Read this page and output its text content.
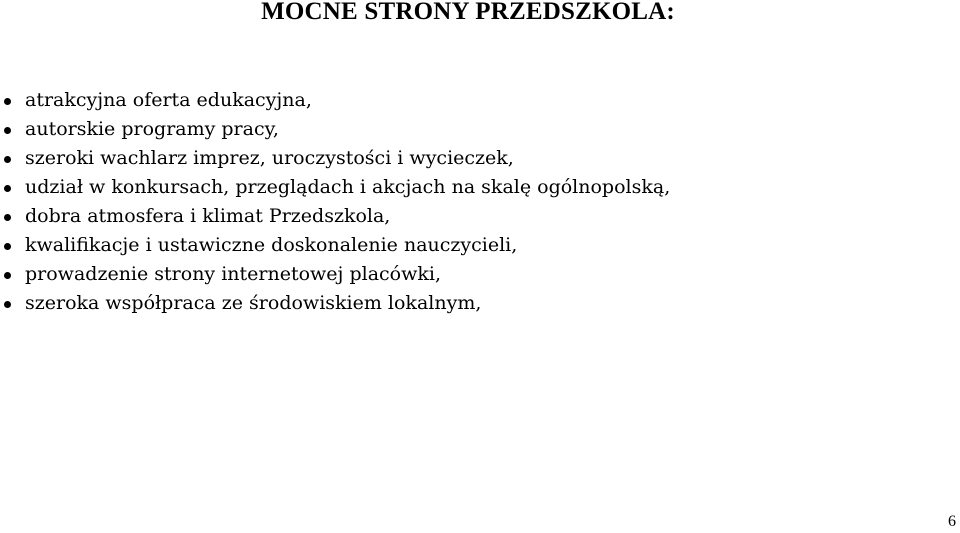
MOCNE STRONY PRZEDSZKOLA:
atrakcyjna oferta edukacyjna,
autorskie programy pracy,
szeroki wachlarz imprez, uroczystości i wycieczek,
udział w konkursach, przeglądach i akcjach na skalę ogólnopolską,
dobra atmosfera i klimat Przedszkola,
kwalifikacje i ustawiczne doskonalenie nauczycieli,
prowadzenie strony internetowej placówki,
szeroka współpraca ze środowiskiem lokalnym,
6
